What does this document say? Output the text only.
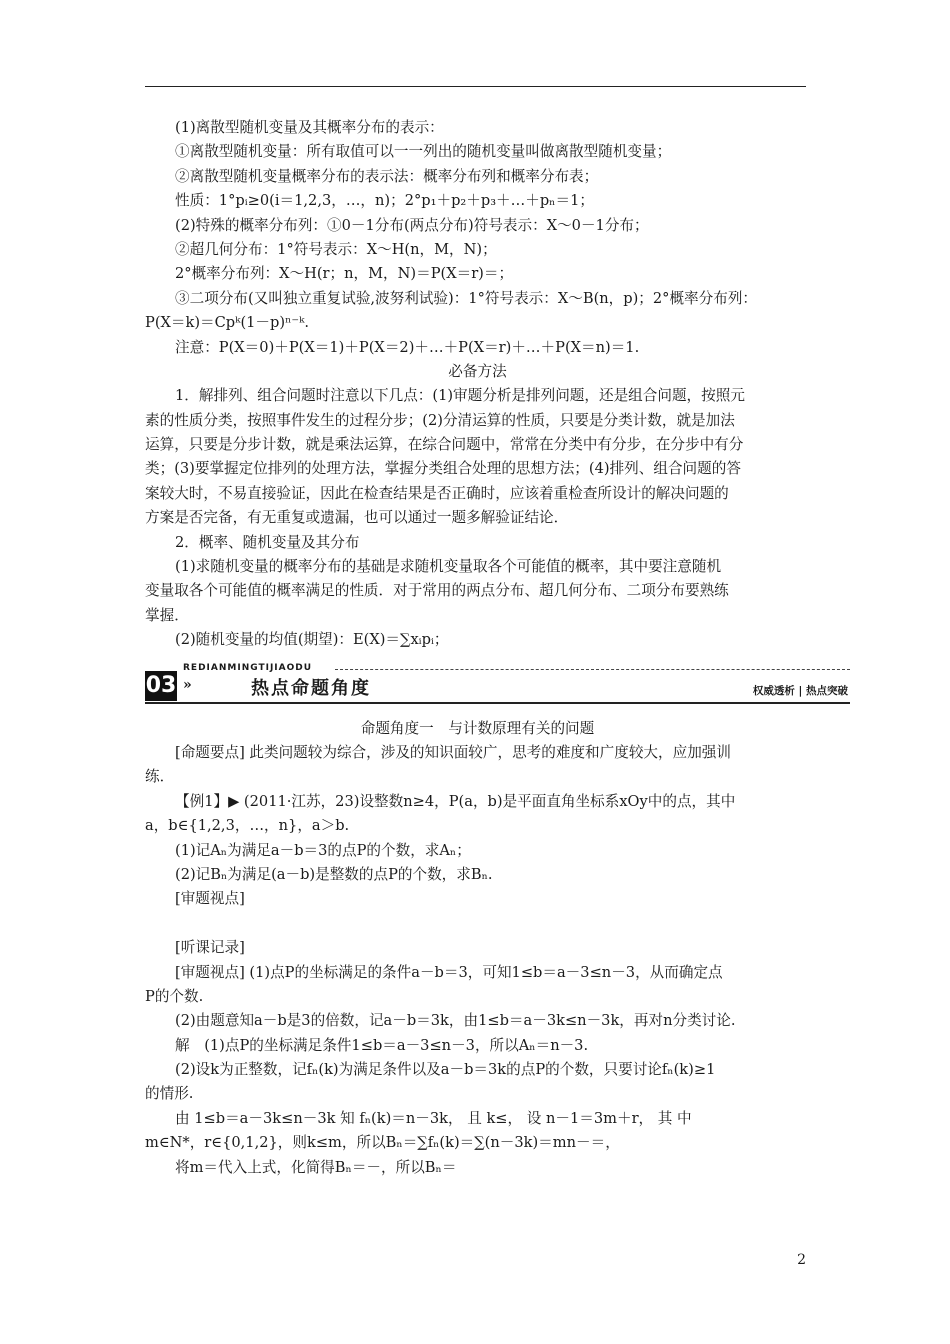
(1)离散型随机变量及其概率分布的表示：
①离散型随机变量：所有取值可以一一列出的随机变量叫做离散型随机变量；
②离散型随机变量概率分布的表示法：概率分布列和概率分布表；
性质：1°pᵢ≥0(i＝1,2,3，…，n)；2°p₁＋p₂＋p₃＋…＋pₙ＝1；
(2)特殊的概率分布列：①0－1分布(两点分布)符号表示：X～0－1分布；
②超几何分布：1°符号表示：X～H(n，M，N)；
2°概率分布列：X～H(r；n，M，N)＝P(X＝r)＝；
③二项分布(又叫独立重复试验,波努利试验)：1°符号表示：X～B(n，p)；2°概率分布列：
P(X＝k)＝Cpᵏ(1－p)ⁿ⁻ᵏ.
注意：P(X＝0)＋P(X＝1)＋P(X＝2)＋…＋P(X＝r)＋…＋P(X＝n)＝1.
必备方法
1．解排列、组合问题时注意以下几点：(1)审题分析是排列问题，还是组合问题，按照元
素的性质分类，按照事件发生的过程分步；(2)分清运算的性质，只要是分类计数，就是加法
运算，只要是分步计数，就是乘法运算，在综合问题中，常常在分类中有分步，在分步中有分
类；(3)要掌握定位排列的处理方法，掌握分类组合处理的思想方法；(4)排列、组合问题的答
案较大时，不易直接验证，因此在检查结果是否正确时，应该着重检查所设计的解决问题的
方案是否完备，有无重复或遗漏，也可以通过一题多解验证结论．
2．概率、随机变量及其分布
(1)求随机变量的概率分布的基础是求随机变量取各个可能值的概率，其中要注意随机
变量取各个可能值的概率满足的性质．对于常用的两点分布、超几何分布、二项分布要熟练
掌握．
(2)随机变量的均值(期望)：E(X)＝∑xᵢpᵢ；
REDIANMINGTIJIAODU
03 »	热点命题角度	权威透析 | 热点突破
命题角度一　与计数原理有关的问题
[命题要点] 此类问题较为综合，涉及的知识面较广，思考的难度和广度较大，应加强训
练．
【例1】▶ (2011·江苏，23)设整数n≥4，P(a，b)是平面直角坐标系xOy中的点，其中
a，b∈{1,2,3，…，n}，a＞b.
(1)记Aₙ为满足a－b＝3的点P的个数，求Aₙ；
(2)记Bₙ为满足(a－b)是整数的点P的个数，求Bₙ.
[审题视点]
[听课记录]
[审题视点] (1)点P的坐标满足的条件a－b＝3，可知1≤b＝a－3≤n－3，从而确定点
P的个数.
(2)由题意知a－b是3的倍数，记a－b＝3k，由1≤b＝a－3k≤n－3k，再对n分类讨论.
解　(1)点P的坐标满足条件1≤b＝a－3≤n－3，所以Aₙ＝n－3.
(2)设k为正整数，记fₙ(k)为满足条件以及a－b＝3k的点P的个数，只要讨论fₙ(k)≥1
的情形.
由 1≤b＝a－3k≤n－3k 知 fₙ(k)＝n－3k， 且 k≤， 设 n－1＝3m＋r， 其 中
m∈N*，r∈{0,1,2}，则k≤m，所以Bₙ＝∑fₙ(k)＝∑(n－3k)＝mn－＝，
将m＝代入上式，化简得Bₙ＝－，所以Bₙ＝
2
